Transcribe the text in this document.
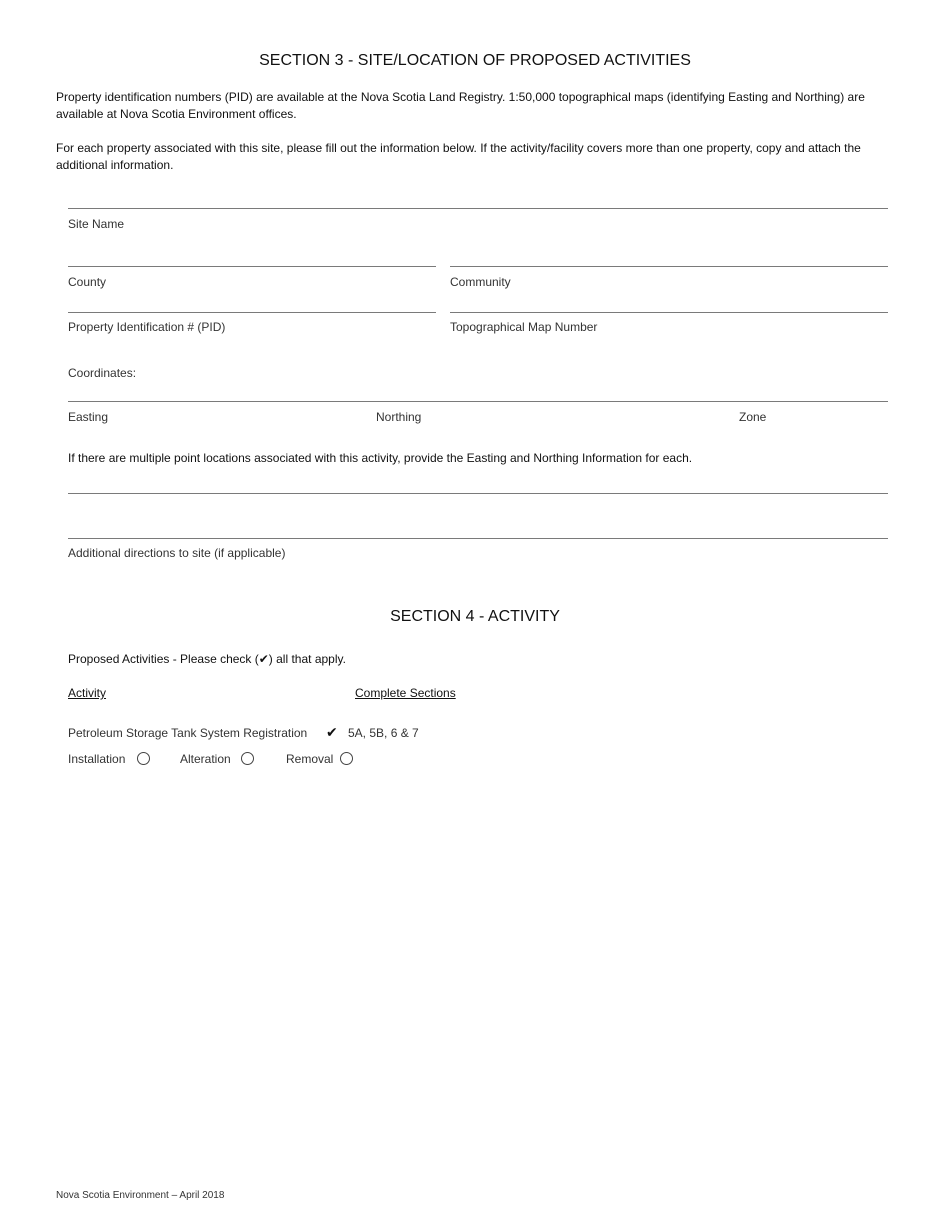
SECTION 3 - SITE/LOCATION OF PROPOSED ACTIVITIES
Property identification numbers (PID) are available at the Nova Scotia Land Registry. 1:50,000 topographical maps (identifying Easting and Northing) are available at Nova Scotia Environment offices.
For each property associated with this site, please fill out the information below. If the activity/facility covers more than one property, copy and attach the additional information.
Site Name
County	Community
Property Identification # (PID)	Topographical Map Number
Coordinates:
Easting	Northing	Zone
If there are multiple point locations associated with this activity, provide the Easting and Northing Information for each.
Additional directions to site (if applicable)
SECTION 4 - ACTIVITY
Proposed Activities - Please check (✔) all that apply.
Activity	Complete Sections
Petroleum Storage Tank System Registration ✔ 5A, 5B, 6 & 7
Installation	Alteration	Removal
Nova Scotia Environment – April 2018
